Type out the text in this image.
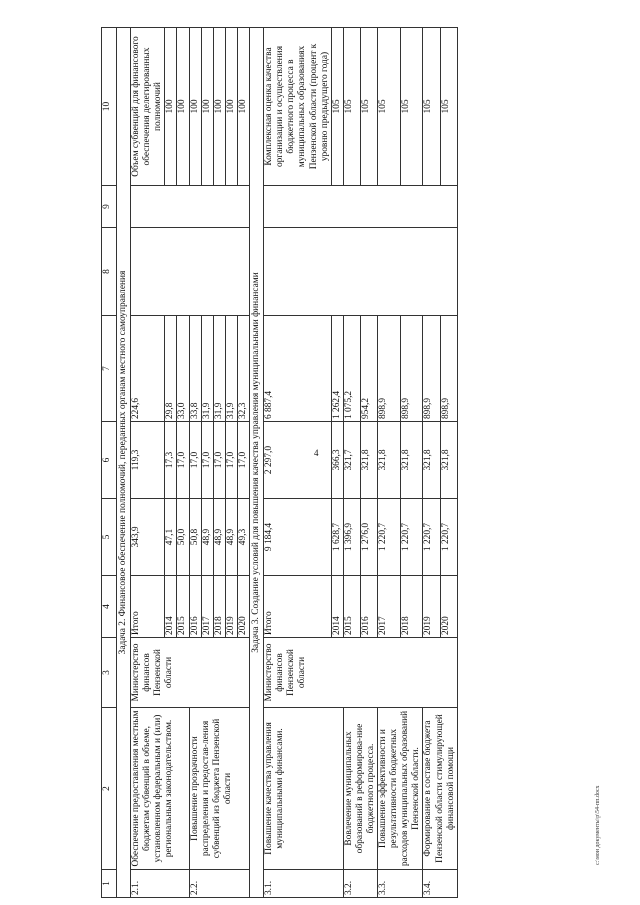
4
1	2	3	4	5	6	7	8	9	10
Задача 2. Финансовое обеспечение полномочий, переданных органам местного самоуправления									
2.1.	Обеспечение предоставления местным бюджетам субвенций в объеме, установленном федеральным и (или) региональным законодательством.	Министерство финансов Пензенской области	Итого	343,9	119,3	224,6			Объем субвенций для финансового обеспечения делегированных полномочий
			2014	47,1	17,3	29,8			100
			2015	50,0	17,0	33,0			100
2.2.	Повышение прозрачности распределения и предостав-ления субвенций из бюджета Пензенской области		2016	50,8	17,0	33,8			100
			2017	48,9	17,0	31,9			100
			2018	48,9	17,0	31,9			100
			2019	48,9	17,0	31,9			100
			2020	49,3	17,0	32,3			100
Задача 3. Создание условий для повышения качества управления муниципальными финансами									
3.1.	Повышение качества управления муниципальными финансами.	Министерство финансов Пензенской области	Итого	9 184,4	2 297,0	6 887,4			Комплексная оценка качества организации и осуществления бюджетного процесса в муниципальных образованиях Пензенской области (процент к уровню предыдущего года)
			2014	1 628,7	366,3	1 262,4			105
3.2.	Вовлечение муниципальных образований в реформирова-ние бюджетного процесса.		2015	1 396,9	321,7	1 075,2			105
			2016	1 276,0	321,8	954,2			105
3.3.	Повышение эффективности и результативности бюджетных расходов муниципальных образований Пензенской области.		2017	1 220,7	321,8	898,9			105
			2018	1 220,7	321,8	898,9			105
3.4.	Формирование в составе бюджета Пензенской области стимулирующей финансовой помощи		2019	1 220,7	321,8	898,9			105
			2020	1 220,7	321,8	898,9			105
c:\мои документы\р\54-пп.docx
